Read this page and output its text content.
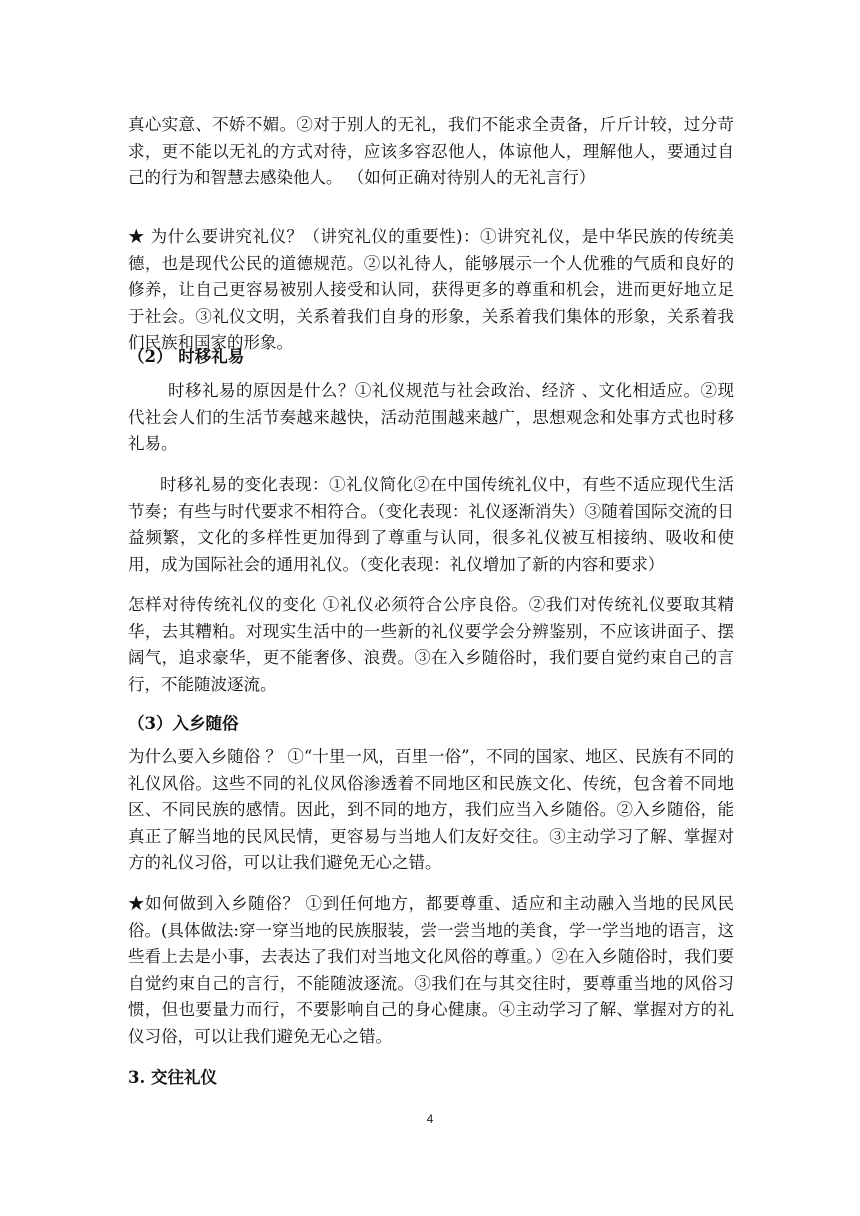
真心实意、不娇不媚。②对于别人的无礼，我们不能求全责备，斤斤计较，过分苛求，更不能以无礼的方式对待，应该多容忍他人，体谅他人，理解他人，要通过自己的行为和智慧去感染他人。 （如何正确对待别人的无礼言行）

★ 为什么要讲究礼仪？（讲究礼仪的重要性)：①讲究礼仪，是中华民族的传统美德，也是现代公民的道德规范。②以礼待人，能够展示一个人优雅的气质和良好的修养，让自己更容易被别人接受和认同，获得更多的尊重和机会，进而更好地立足于社会。③礼仪文明，关系着我们自身的形象，关系着我们集体的形象，关系着我们民族和国家的形象。

（2） 时移礼易

时移礼易的原因是什么？①礼仪规范与社会政治、经济 、文化相适应。②现代社会人们的生活节奏越来越快，活动范围越来越广，思想观念和处事方式也时移礼易。

时移礼易的变化表现：①礼仪简化②在中国传统礼仪中，有些不适应现代生活节奏；有些与时代要求不相符合。（变化表现：礼仪逐渐消失）③随着国际交流的日益频繁，文化的多样性更加得到了尊重与认同，很多礼仪被互相接纳、吸收和使用，成为国际社会的通用礼仪。（变化表现：礼仪增加了新的内容和要求）

怎样对待传统礼仪的变化 ①礼仪必须符合公序良俗。②我们对传统礼仪要取其精华，去其糟粕。对现实生活中的一些新的礼仪要学会分辨鉴别，不应该讲面子、摆阔气，追求豪华，更不能奢侈、浪费。③在入乡随俗时，我们要自觉约束自己的言行，不能随波逐流。

（3）入乡随俗

为什么要入乡随俗 ？ ①“十里一风，百里一俗”，不同的国家、地区、民族有不同的礼仪风俗。这些不同的礼仪风俗渗透着不同地区和民族文化、传统，包含着不同地区、不同民族的感情。因此，到不同的地方，我们应当入乡随俗。②入乡随俗，能真正了解当地的民风民情，更容易与当地人们友好交往。③主动学习了解、掌握对方的礼仪习俗，可以让我们避免无心之错。

★如何做到入乡随俗？ ①到任何地方，都要尊重、适应和主动融入当地的民风民俗。(具体做法:穿一穿当地的民族服装，尝一尝当地的美食，学一学当地的语言，这些看上去是小事，去表达了我们对当地文化风俗的尊重。）②在入乡随俗时，我们要自觉约束自己的言行，不能随波逐流。③我们在与其交往时，要尊重当地的风俗习惯，但也要量力而行，不要影响自己的身心健康。④主动学习了解、掌握对方的礼仪习俗，可以让我们避免无心之错。

3. 交往礼仪

4
